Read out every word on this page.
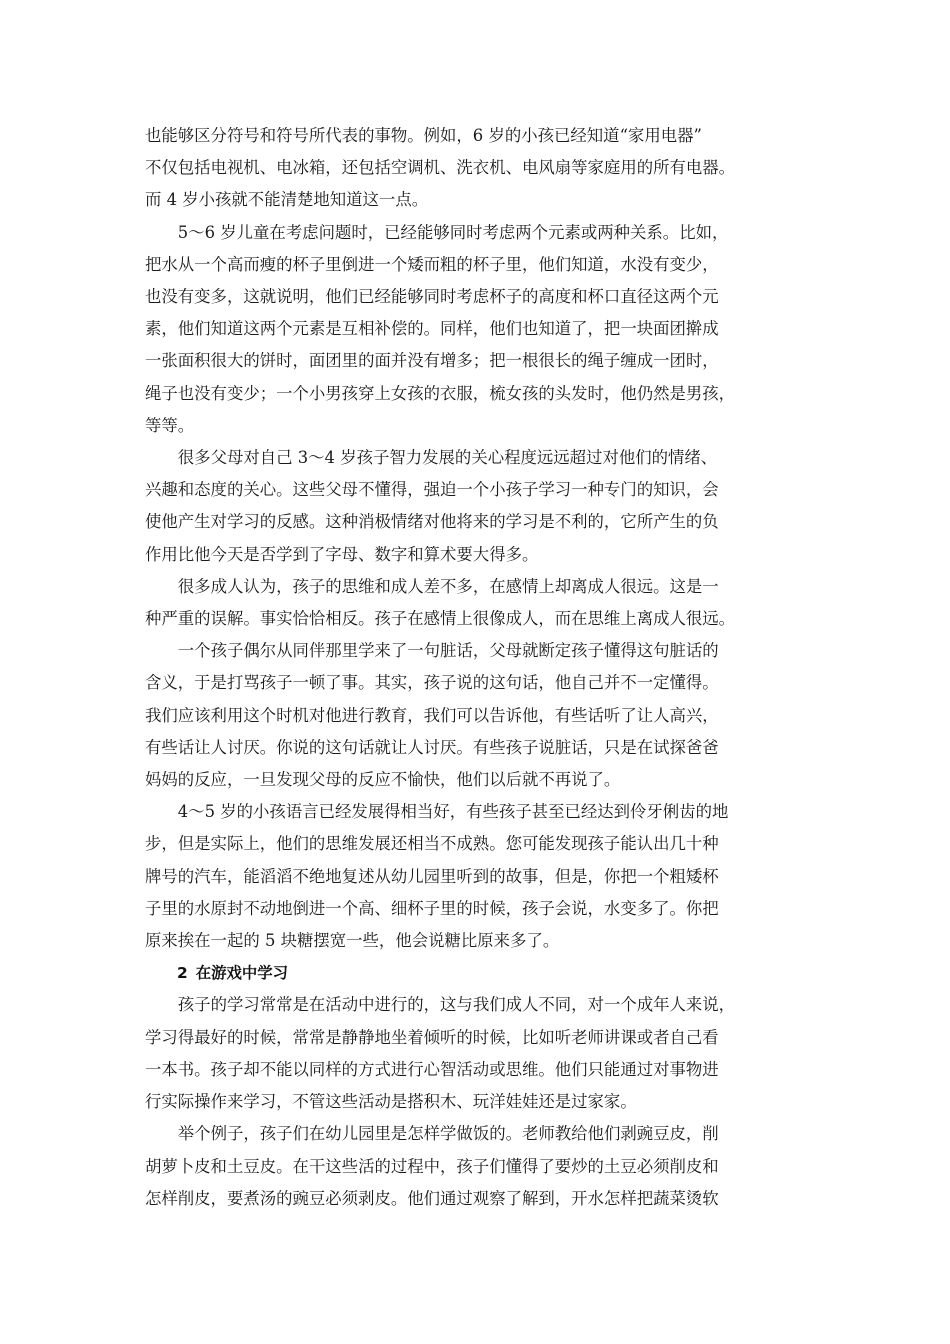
也能够区分符号和符号所代表的事物。例如，6 岁的小孩已经知道“家用电器”
不仅包括电视机、电冰箱，还包括空调机、洗衣机、电风扇等家庭用的所有电器。
而 4 岁小孩就不能清楚地知道这一点。

5～6 岁儿童在考虑问题时，已经能够同时考虑两个元素或两种关系。比如，
把水从一个高而瘦的杯子里倒进一个矮而粗的杯子里，他们知道，水没有变少，
也没有变多，这就说明，他们已经能够同时考虑杯子的高度和杯口直径这两个元
素，他们知道这两个元素是互相补偿的。同样，他们也知道了，把一块面团擀成
一张面积很大的饼时，面团里的面并没有增多；把一根很长的绳子缠成一团时，
绳子也没有变少；一个小男孩穿上女孩的衣服，梳女孩的头发时，他仍然是男孩，
等等。

很多父母对自己 3～4 岁孩子智力发展的关心程度远远超过对他们的情绪、
兴趣和态度的关心。这些父母不懂得，强迫一个小孩子学习一种专门的知识，会
使他产生对学习的反感。这种消极情绪对他将来的学习是不利的，它所产生的负
作用比他今天是否学到了字母、数字和算术要大得多。

很多成人认为，孩子的思维和成人差不多，在感情上却离成人很远。这是一
种严重的误解。事实恰恰相反。孩子在感情上很像成人，而在思维上离成人很远。

一个孩子偶尔从同伴那里学来了一句脏话，父母就断定孩子懂得这句脏话的
含义，于是打骂孩子一顿了事。其实，孩子说的这句话，他自己并不一定懂得。
我们应该利用这个时机对他进行教育，我们可以告诉他，有些话听了让人高兴，
有些话让人讨厌。你说的这句话就让人讨厌。有些孩子说脏话，只是在试探爸爸
妈妈的反应，一旦发现父母的反应不愉快，他们以后就不再说了。

4～5 岁的小孩语言已经发展得相当好，有些孩子甚至已经达到伶牙俐齿的地
步，但是实际上，他们的思维发展还相当不成熟。您可能发现孩子能认出几十种
牌号的汽车，能滔滔不绝地复述从幼儿园里听到的故事，但是，你把一个粗矮杯
子里的水原封不动地倒进一个高、细杯子里的时候，孩子会说，水变多了。你把
原来挨在一起的 5 块糖摆宽一些，他会说糖比原来多了。

2 在游戏中学习

孩子的学习常常是在活动中进行的，这与我们成人不同，对一个成年人来说，
学习得最好的时候，常常是静静地坐着倾听的时候，比如听老师讲课或者自己看
一本书。孩子却不能以同样的方式进行心智活动或思维。他们只能通过对事物进
行实际操作来学习，不管这些活动是搭积木、玩洋娃娃还是过家家。

举个例子，孩子们在幼儿园里是怎样学做饭的。老师教给他们剥豌豆皮，削
胡萝卜皮和土豆皮。在干这些活的过程中，孩子们懂得了要炒的土豆必须削皮和
怎样削皮，要煮汤的豌豆必须剥皮。他们通过观察了解到，开水怎样把蔬菜烫软
